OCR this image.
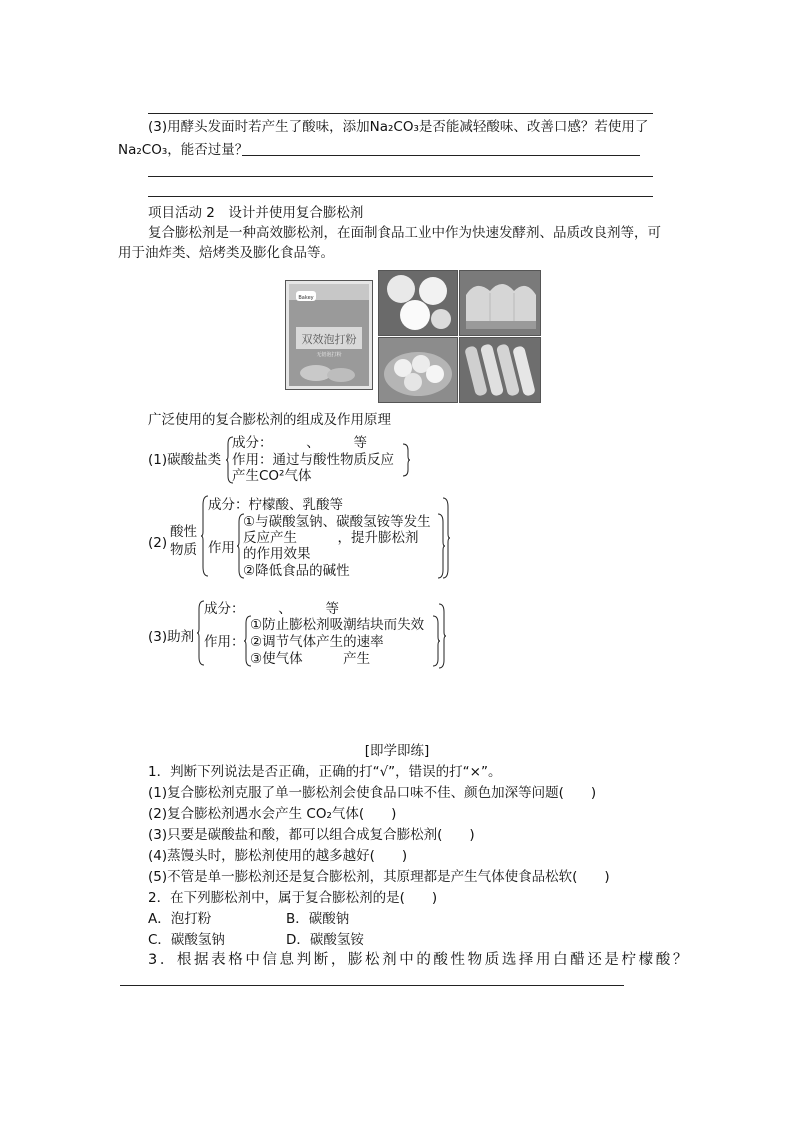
(3)用酵头发面时若产生了酸味，添加Na₂CO₃是否能减轻酸味、改善口感？若使用了
Na₂CO₃，能否过量？
项目活动 2　设计并使用复合膨松剂
复合膨松剂是一种高效膨松剂，在面制食品工业中作为快速发酵剂、品质改良剂等，可
用于油炸类、焙烤类及膨化食品等。
Bakey
双效泡打粉
无铝泡打粉
广泛使用的复合膨松剂的组成及作用原理
(1)碳酸盐类
成分：　　　、　　　等
作用：通过与酸性物质反应
产生CO²气体
(2)
酸性
物质
成分：柠檬酸、乳酸等
作用
①与碳酸氢钠、碳酸氢铵等发生
反应产生　　　，提升膨松剂
的作用效果
②降低食品的碱性
(3)助剂
成分：　　　、　　　等
作用：
①防止膨松剂吸潮结块而失效
②调节气体产生的速率
③使气体　　　产生
[即学即练]
1．判断下列说法是否正确，正确的打“√”，错误的打“×”。
(1)复合膨松剂克服了单一膨松剂会使食品口味不佳、颜色加深等问题(　　)
(2)复合膨松剂遇水会产生 CO₂气体(　　)
(3)只要是碳酸盐和酸，都可以组合成复合膨松剂(　　)
(4)蒸馒头时，膨松剂使用的越多越好(　　)
(5)不管是单一膨松剂还是复合膨松剂，其原理都是产生气体使食品松软(　　)
2．在下列膨松剂中，属于复合膨松剂的是(　　)
A．泡打粉	B．碳酸钠
C．碳酸氢钠	D．碳酸氢铵
3．根据表格中信息判断，膨松剂中的酸性物质选择用白醋还是柠檬酸？
